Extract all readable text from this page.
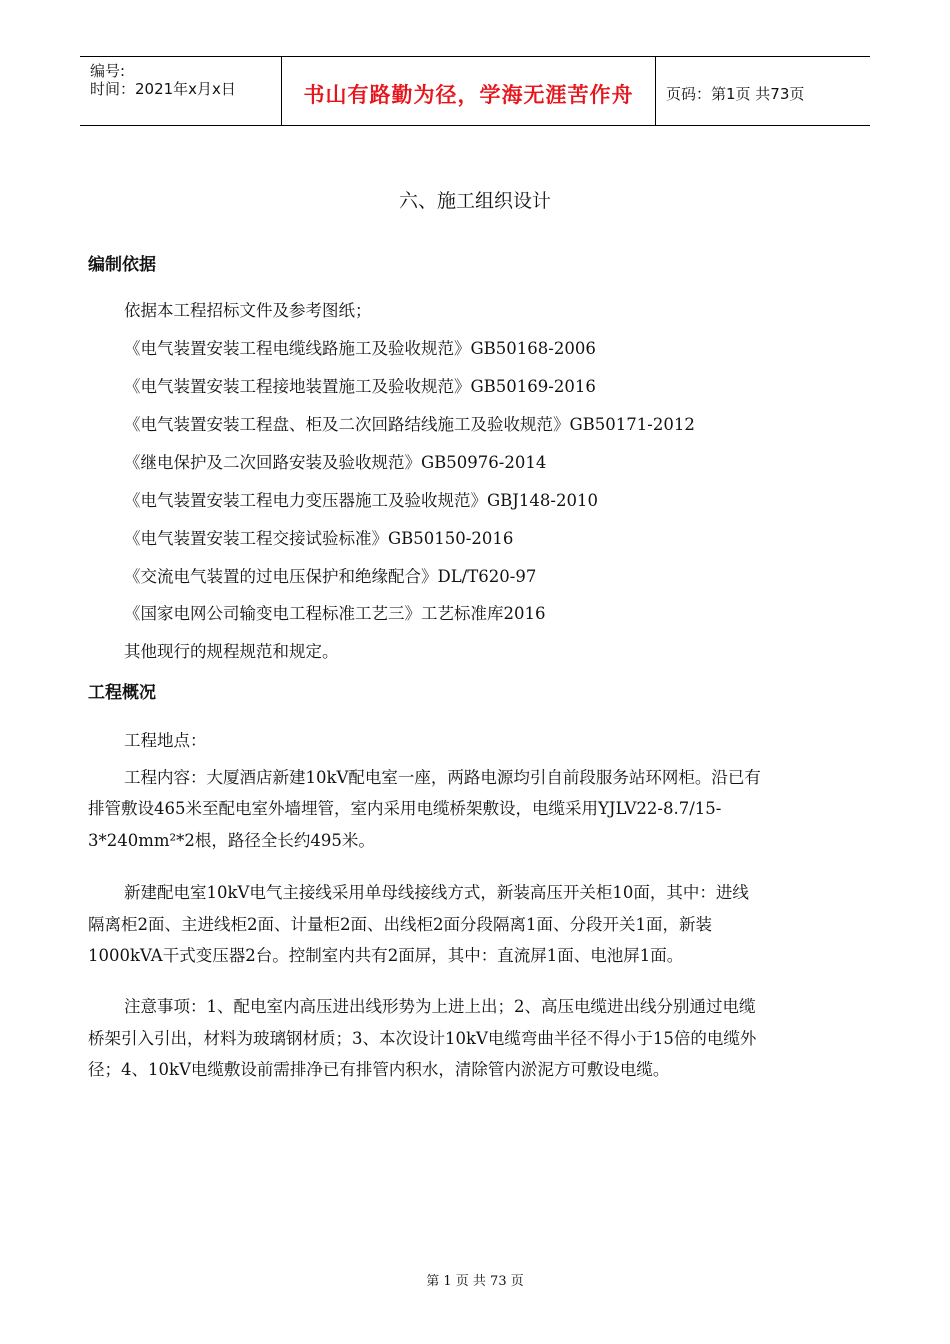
编号:
时间：2021年x月x日	书山有路勤为径，学海无涯苦作舟	页码：第1页 共73页
六、施工组织设计
编制依据
依据本工程招标文件及参考图纸；
《电气装置安装工程电缆线路施工及验收规范》GB50168-2006
《电气装置安装工程接地装置施工及验收规范》GB50169-2016
《电气装置安装工程盘、柜及二次回路结线施工及验收规范》GB50171-2012
《继电保护及二次回路安装及验收规范》GB50976-2014
《电气装置安装工程电力变压器施工及验收规范》GBJ148-2010
《电气装置安装工程交接试验标准》GB50150-2016
《交流电气装置的过电压保护和绝缘配合》DL/T620-97
《国家电网公司输变电工程标准工艺三》工艺标准库2016
其他现行的规程规范和规定。
工程概况
工程地点：
工程内容：大厦酒店新建10kV配电室一座，两路电源均引自前段服务站环网柜。沿已有
排管敷设465米至配电室外墙埋管，室内采用电缆桥架敷设，电缆采用YJLV22-8.7/15-
3*240mm²*2根，路径全长约495米。
新建配电室10kV电气主接线采用单母线接线方式，新装高压开关柜10面，其中：进线
隔离柜2面、主进线柜2面、计量柜2面、出线柜2面分段隔离1面、分段开关1面，新装
1000kVA干式变压器2台。控制室内共有2面屏，其中：直流屏1面、电池屏1面。
注意事项：1、配电室内高压进出线形势为上进上出；2、高压电缆进出线分别通过电缆
桥架引入引出，材料为玻璃钢材质；3、本次设计10kV电缆弯曲半径不得小于15倍的电缆外
径；4、10kV电缆敷设前需排净已有排管内积水，清除管内淤泥方可敷设电缆。
第 1 页 共 73 页
